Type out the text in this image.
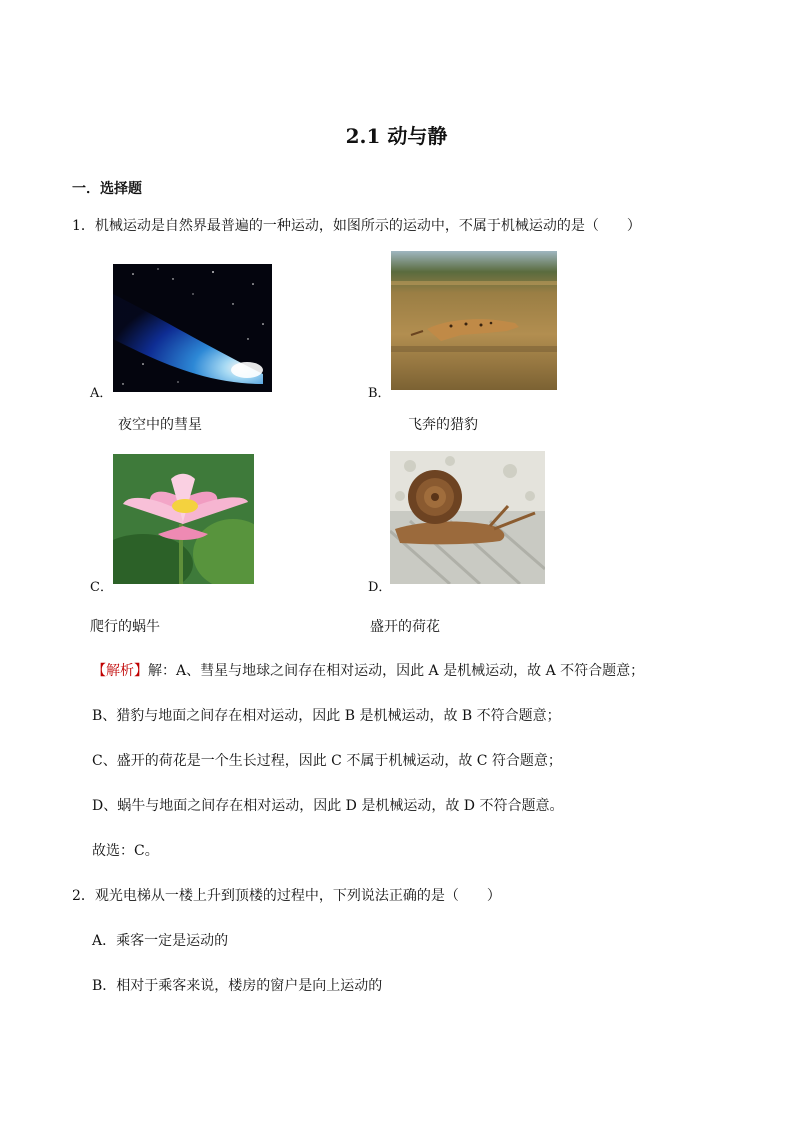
2.1 动与静
一．选择题
1．机械运动是自然界最普遍的一种运动，如图所示的运动中，不属于机械运动的是（　　）
A．
夜空中的彗星
B．
飞奔的猎豹
C．
爬行的蜗牛
D．
盛开的荷花
【解析】解：A、彗星与地球之间存在相对运动，因此 A 是机械运动，故 A 不符合题意；
B、猎豹与地面之间存在相对运动，因此 B 是机械运动，故 B 不符合题意；
C、盛开的荷花是一个生长过程，因此 C 不属于机械运动，故 C 符合题意；
D、蜗牛与地面之间存在相对运动，因此 D 是机械运动，故 D 不符合题意。
故选：C。
2．观光电梯从一楼上升到顶楼的过程中，下列说法正确的是（　　）
A．乘客一定是运动的
B．相对于乘客来说，楼房的窗户是向上运动的
